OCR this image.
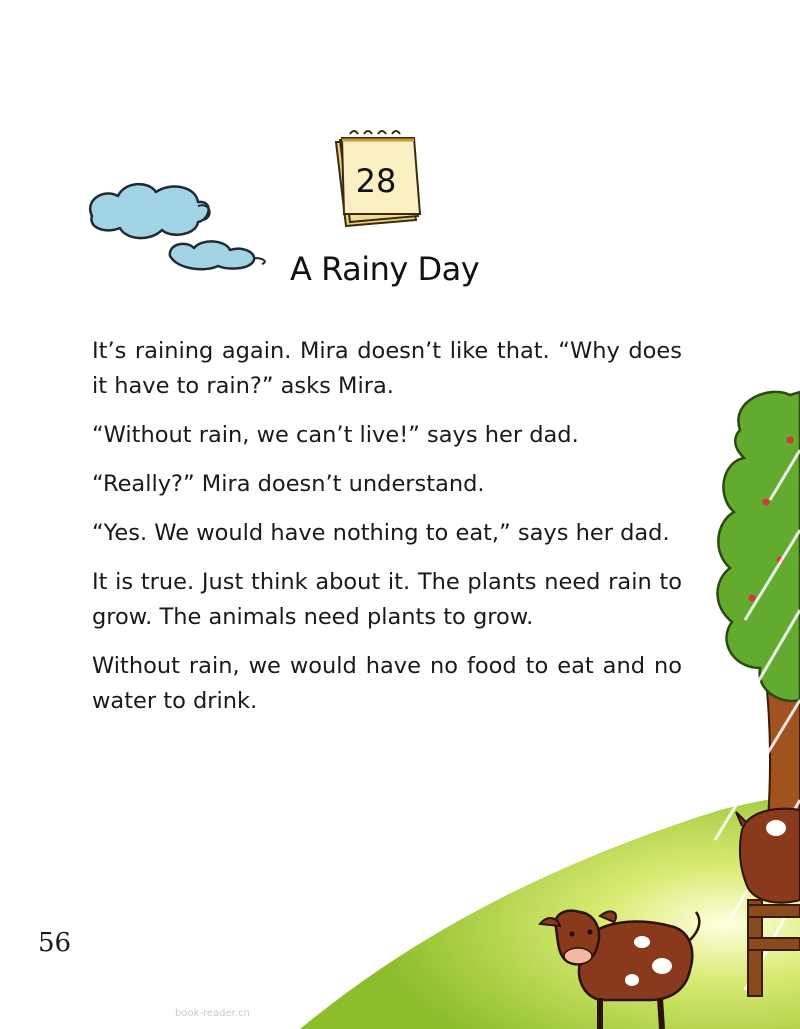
28
A Rainy Day

It’s raining again. Mira doesn’t like that. “Why does it have to rain?” asks Mira.

“Without rain, we can’t live!” says her dad.

“Really?” Mira doesn’t understand.

“Yes. We would have nothing to eat,” says her dad.

It is true. Just think about it. The plants need rain to grow. The animals need plants to grow.

Without rain, we would have no food to eat and no water to drink.

56
book-reader.cn
